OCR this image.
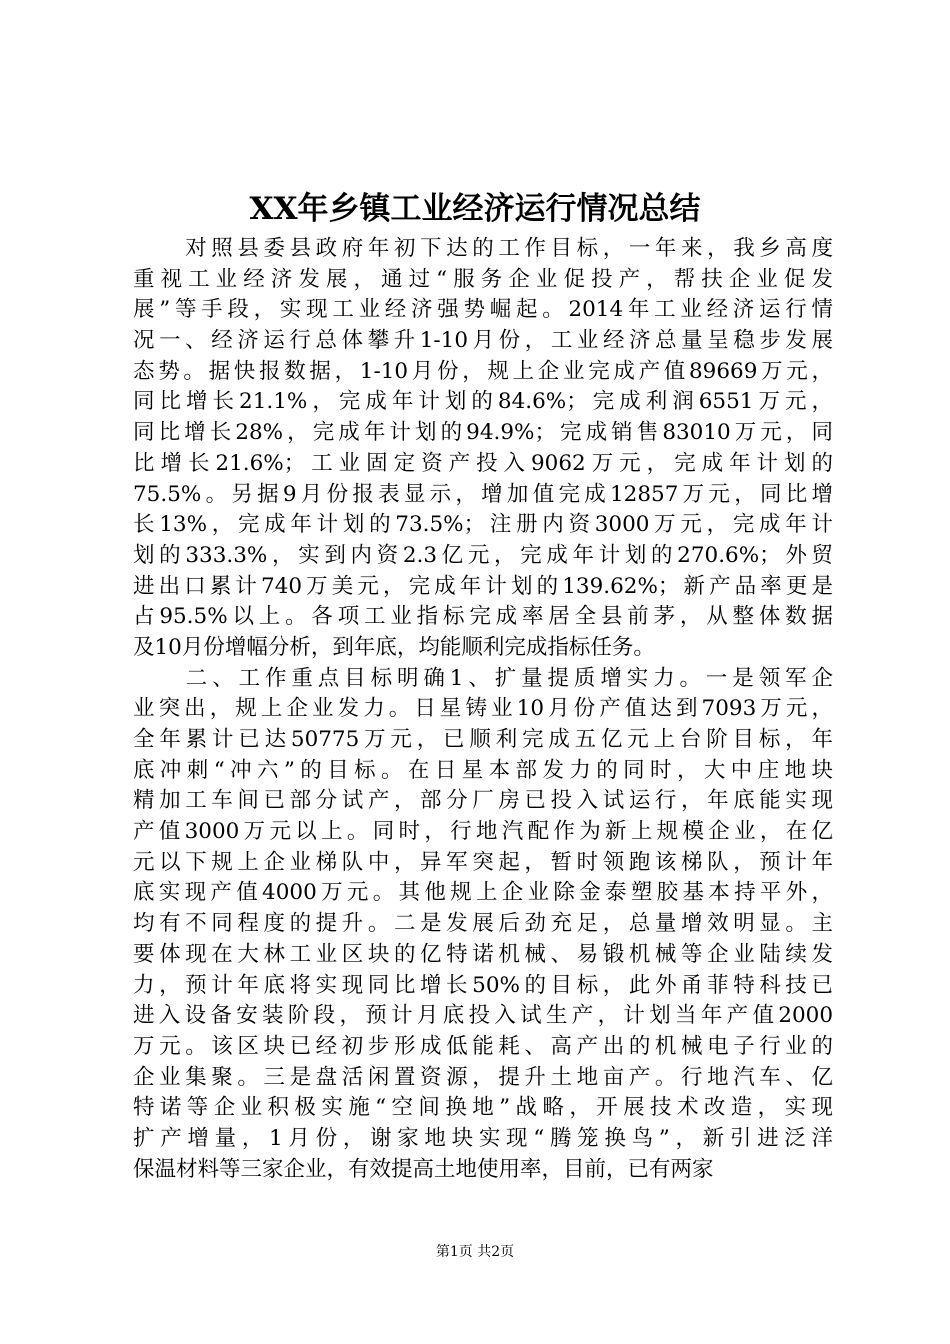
XX年乡镇工业经济运行情况总结
　　对照县委县政府年初下达的工作目标，一年来，我乡高度
重视工业经济发展，通过“服务企业促投产，帮扶企业促发
展”等手段，实现工业经济强势崛起。2014年工业经济运行情
况一、经济运行总体攀升1-10月份，工业经济总量呈稳步发展
态势。据快报数据，1-10月份，规上企业完成产值89669万元，
同比增长21.1%，完成年计划的84.6%；完成利润6551万元，
同比增长28%，完成年计划的94.9%；完成销售83010万元，同
比增长21.6%；工业固定资产投入9062万元，完成年计划的
75.5%。另据9月份报表显示，增加值完成12857万元，同比增
长13%，完成年计划的73.5%；注册内资3000万元，完成年计
划的333.3%，实到内资2.3亿元，完成年计划的270.6%；外贸
进出口累计740万美元，完成年计划的139.62%；新产品率更是
占95.5%以上。各项工业指标完成率居全县前茅，从整体数据
及10月份增幅分析，到年底，均能顺利完成指标任务。
　　二、工作重点目标明确1、扩量提质增实力。一是领军企
业突出，规上企业发力。日星铸业10月份产值达到7093万元，
全年累计已达50775万元，已顺利完成五亿元上台阶目标，年
底冲刺“冲六”的目标。在日星本部发力的同时，大中庄地块
精加工车间已部分试产，部分厂房已投入试运行，年底能实现
产值3000万元以上。同时，行地汽配作为新上规模企业，在亿
元以下规上企业梯队中，异军突起，暂时领跑该梯队，预计年
底实现产值4000万元。其他规上企业除金泰塑胶基本持平外，
均有不同程度的提升。二是发展后劲充足，总量增效明显。主
要体现在大林工业区块的亿特诺机械、易锻机械等企业陆续发
力，预计年底将实现同比增长50%的目标，此外甬菲特科技已
进入设备安装阶段，预计月底投入试生产，计划当年产值2000
万元。该区块已经初步形成低能耗、高产出的机械电子行业的
企业集聚。三是盘活闲置资源，提升土地亩产。行地汽车、亿
特诺等企业积极实施“空间换地”战略，开展技术改造，实现
扩产增量，1月份，谢家地块实现“腾笼换鸟”，新引进泛洋
保温材料等三家企业，有效提高土地使用率，目前，已有两家
第1页 共2页
